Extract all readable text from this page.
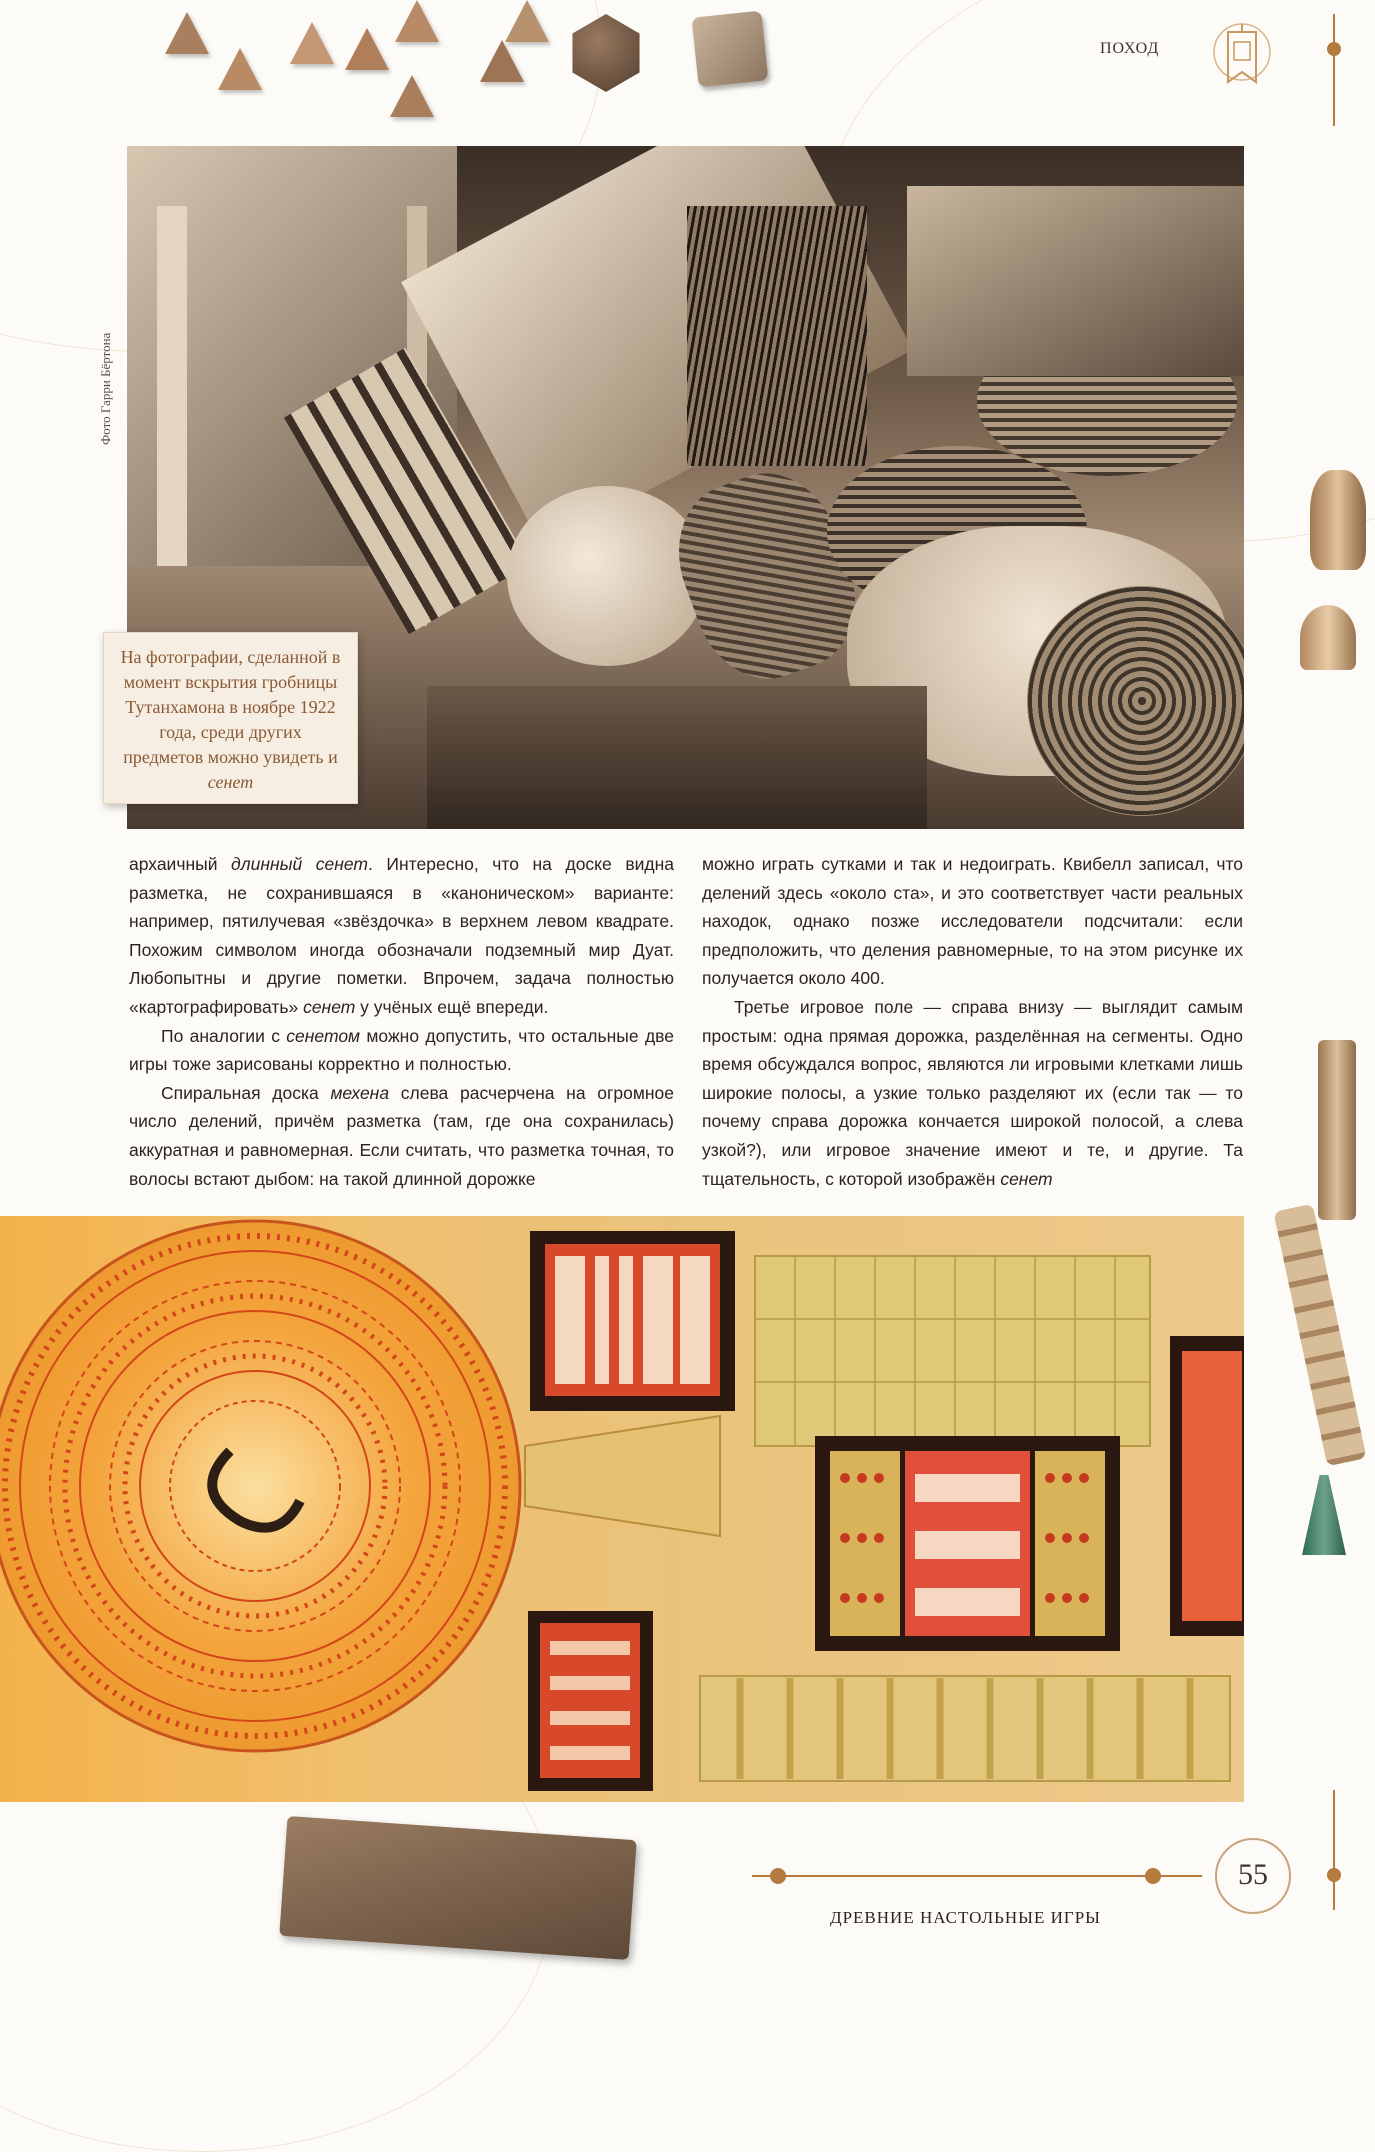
ПОХОД
Фото Гарри Бёртона
На фотографии, сделанной в момент вскрытия гробницы Тутанхамона в ноябре 1922 года, среди других предметов можно увидеть и сенет

архаичный длинный сенет. Интересно, что на доске видна разметка, не сохранившаяся в «каноническом» варианте: например, пятилучевая «звёздочка» в верхнем левом квадрате. Похожим символом иногда обозначали подземный мир Дуат. Любопытны и другие пометки. Впрочем, задача полностью «картографировать» сенет у учёных ещё впереди.

По аналогии с сенетом можно допустить, что остальные две игры тоже зарисованы корректно и полностью.

Спиральная доска мехена слева расчерчена на огромное число делений, причём разметка (там, где она сохранилась) аккуратная и равномерная. Если считать, что разметка точная, то волосы встают дыбом: на такой длинной дорожке

можно играть сутками и так и недоиграть. Квибелл записал, что делений здесь «около ста», и это соответствует части реальных находок, однако позже исследователи подсчитали: если предположить, что деления равномерные, то на этом рисунке их получается около 400.

Третье игровое поле — справа внизу — выглядит самым простым: одна прямая дорожка, разделённая на сегменты. Одно время обсуждался вопрос, являются ли игровыми клетками лишь широкие полосы, а узкие только разделяют их (если так — то почему справа дорожка кончается широкой полосой, а слева узкой?), или игровое значение имеют и те, и другие. Та тщательность, с которой изображён сенет

55
ДРЕВНИЕ НАСТОЛЬНЫЕ ИГРЫ
